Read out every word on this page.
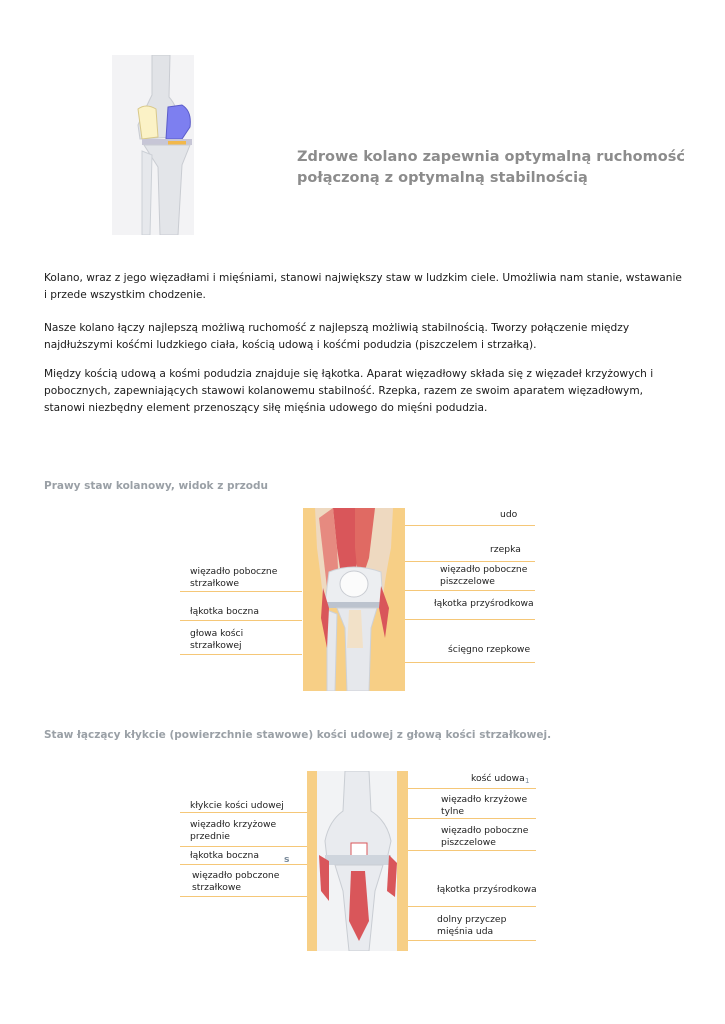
Zdrowe kolano zapewnia optymalną ruchomość
połączoną z optymalną stabilnością
Kolano, wraz z jego więzadłami i mięśniami, stanowi największy staw w ludzkim ciele. Umożliwia nam stanie, wstawanie i przede wszystkim chodzenie.
Nasze kolano łączy najlepszą możliwą ruchomość z najlepszą możliwią stabilnością. Tworzy połączenie między najdłuższymi kośćmi ludzkiego ciała, kością udową i kośćmi podudzia (piszczelem i strzałką).
Między kością udową a kośmi podudzia znajduje się łąkotka. Aparat więzadłowy składa się z więzadeł krzyżowych i pobocznych, zapewniających stawowi kolanowemu stabilność. Rzepka, razem ze swoim aparatem więzadłowym, stanowi niezbędny element przenoszący siłę mięśnia udowego do mięśni podudzia.
Prawy staw kolanowy, widok z przodu
więzadło poboczne strzałkowe
łąkotka boczna
głowa kości strzałkowej
udo
rzepka
więzadło poboczne piszczelowe
łąkotka przyśrodkowa
ścięgno rzepkowe
Staw łączący kłykcie (powierzchnie stawowe) kości udowej z głową kości strzałkowej.
kłykcie kości udowej
więzadło krzyżowe przednie
łąkotka boczna
więzadło pobczone strzałkowe
s
kość udowa 1
więzadło krzyżowe tylne
więzadło poboczne piszczelowe
łąkotka przyśrodkowa
dolny przyczep mięśnia uda
